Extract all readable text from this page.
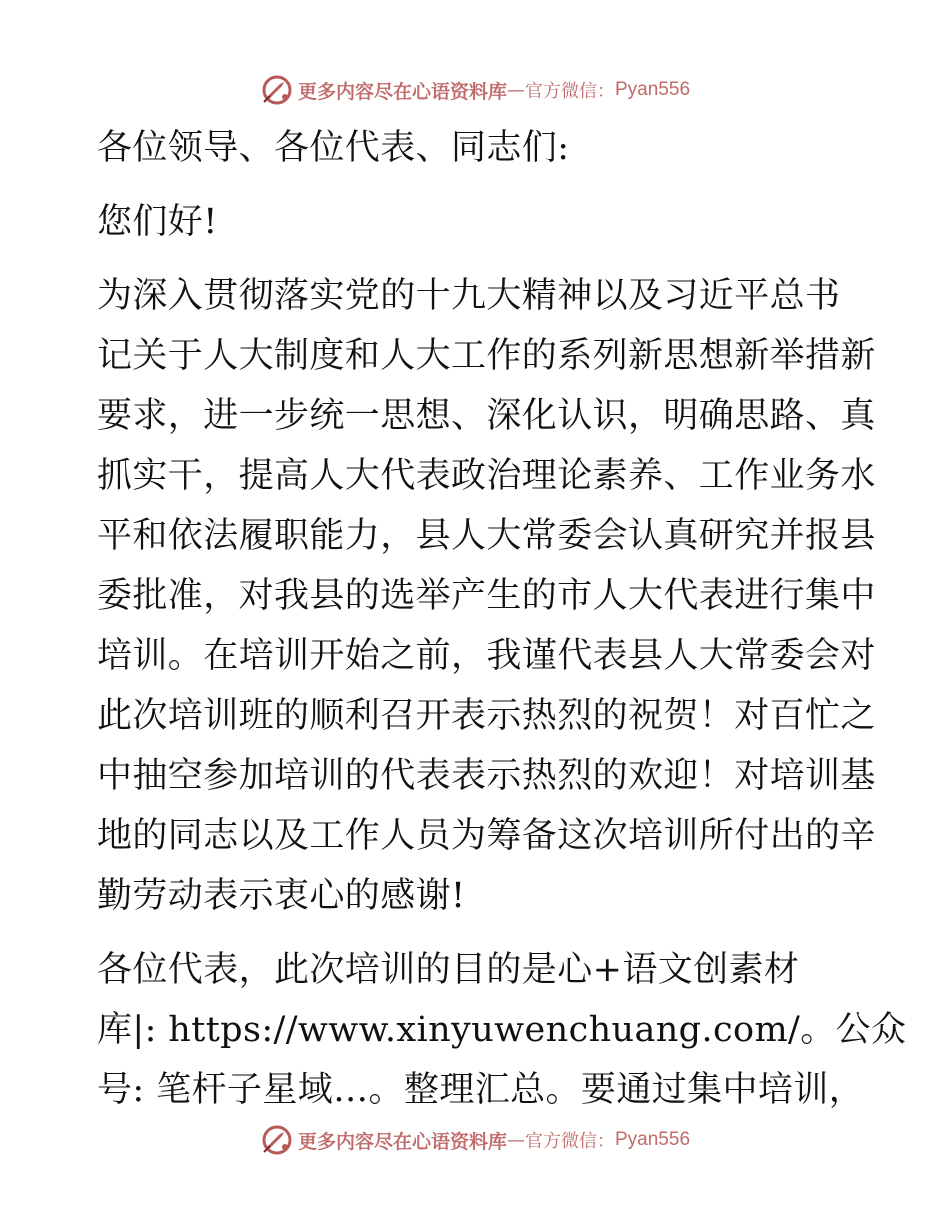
更多内容尽在心语资料库 — 官方微信： Pyan556
各位领导、各位代表、同志们:
您们好!
为深入贯彻落实党的十九大精神以及习近平总书
记关于人大制度和人大工作的系列新思想新举措新
要求，进一步统一思想、深化认识，明确思路、真
抓实干，提高人大代表政治理论素养、工作业务水
平和依法履职能力，县人大常委会认真研究并报县
委批准，对我县的选举产生的市人大代表进行集中
培训。在培训开始之前，我谨代表县人大常委会对
此次培训班的顺利召开表示热烈的祝贺！对百忙之
中抽空参加培训的代表表示热烈的欢迎！对培训基
地的同志以及工作人员为筹备这次培训所付出的辛
勤劳动表示衷心的感谢!
各位代表，此次培训的目的是心+语文创素材
库|: https://www.xinyuwenchuang.com/。公众
号: 笔杆子星域…。整理汇总。要通过集中培训，
更多内容尽在心语资料库 — 官方微信： Pyan556
